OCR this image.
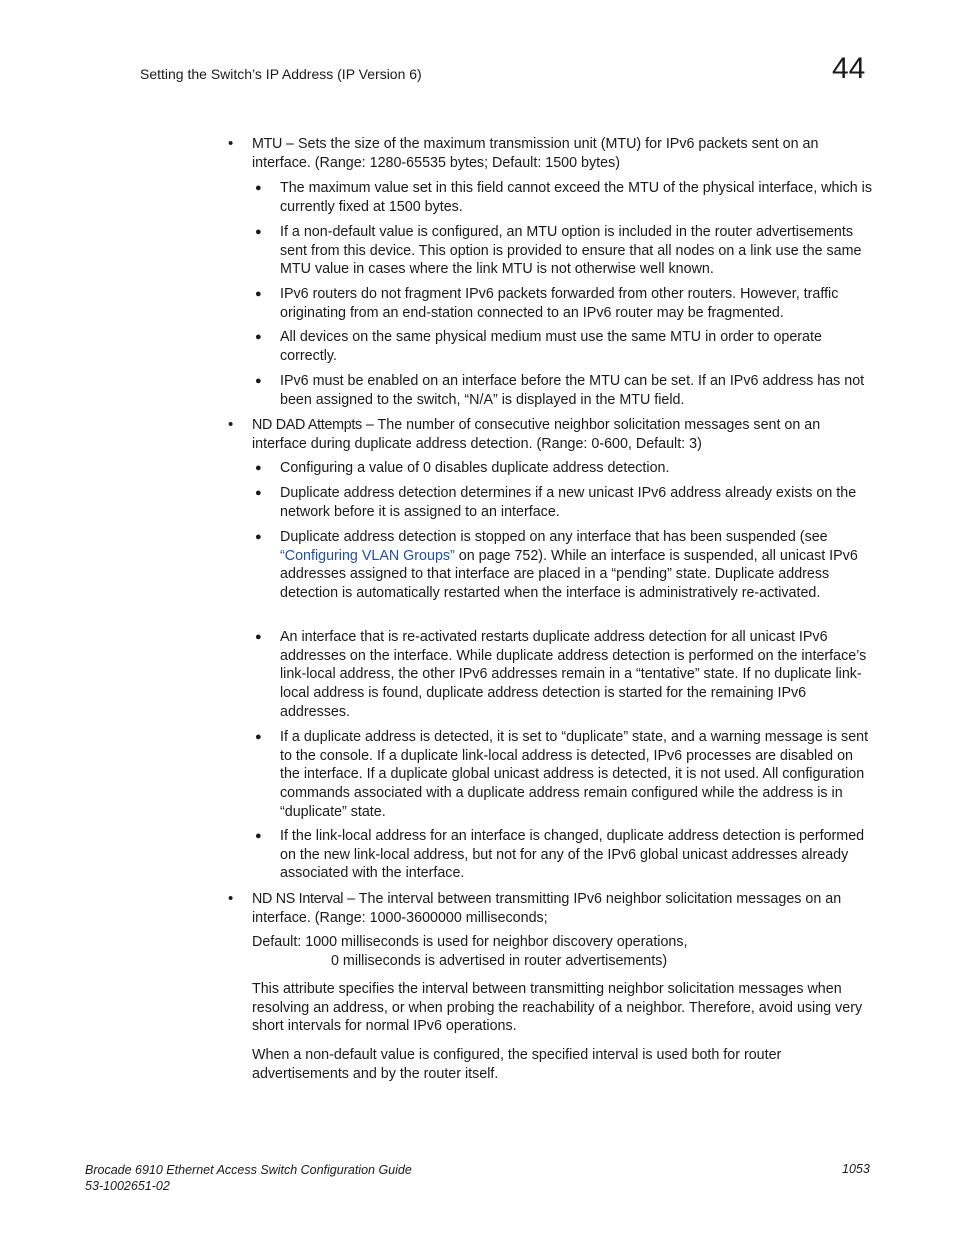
Setting the Switch’s IP Address (IP Version 6)	44
• MTU – Sets the size of the maximum transmission unit (MTU) for IPv6 packets sent on an interface. (Range: 1280-65535 bytes; Default: 1500 bytes)

● The maximum value set in this field cannot exceed the MTU of the physical interface, which is currently fixed at 1500 bytes.

● If a non-default value is configured, an MTU option is included in the router advertisements sent from this device. This option is provided to ensure that all nodes on a link use the same MTU value in cases where the link MTU is not otherwise well known.

● IPv6 routers do not fragment IPv6 packets forwarded from other routers. However, traffic originating from an end-station connected to an IPv6 router may be fragmented.

● All devices on the same physical medium must use the same MTU in order to operate correctly.

● IPv6 must be enabled on an interface before the MTU can be set. If an IPv6 address has not been assigned to the switch, “N/A” is displayed in the MTU field.

• ND DAD Attempts – The number of consecutive neighbor solicitation messages sent on an interface during duplicate address detection. (Range: 0-600, Default: 3)

● Configuring a value of 0 disables duplicate address detection.

● Duplicate address detection determines if a new unicast IPv6 address already exists on the network before it is assigned to an interface.

● Duplicate address detection is stopped on any interface that has been suspended (see “Configuring VLAN Groups” on page 752). While an interface is suspended, all unicast IPv6 addresses assigned to that interface are placed in a “pending” state. Duplicate address detection is automatically restarted when the interface is administratively re-activated.

● An interface that is re-activated restarts duplicate address detection for all unicast IPv6 addresses on the interface. While duplicate address detection is performed on the interface’s link-local address, the other IPv6 addresses remain in a “tentative” state. If no duplicate link-local address is found, duplicate address detection is started for the remaining IPv6 addresses.

● If a duplicate address is detected, it is set to “duplicate” state, and a warning message is sent to the console. If a duplicate link-local address is detected, IPv6 processes are disabled on the interface. If a duplicate global unicast address is detected, it is not used. All configuration commands associated with a duplicate address remain configured while the address is in “duplicate” state.

● If the link-local address for an interface is changed, duplicate address detection is performed on the new link-local address, but not for any of the IPv6 global unicast addresses already associated with the interface.

• ND NS Interval – The interval between transmitting IPv6 neighbor solicitation messages on an interface. (Range: 1000-3600000 milliseconds;

Default: 1000 milliseconds is used for neighbor discovery operations,
0 milliseconds is advertised in router advertisements)

This attribute specifies the interval between transmitting neighbor solicitation messages when resolving an address, or when probing the reachability of a neighbor. Therefore, avoid using very short intervals for normal IPv6 operations.

When a non-default value is configured, the specified interval is used both for router advertisements and by the router itself.

Brocade 6910 Ethernet Access Switch Configuration Guide
53-1002651-02
1053
